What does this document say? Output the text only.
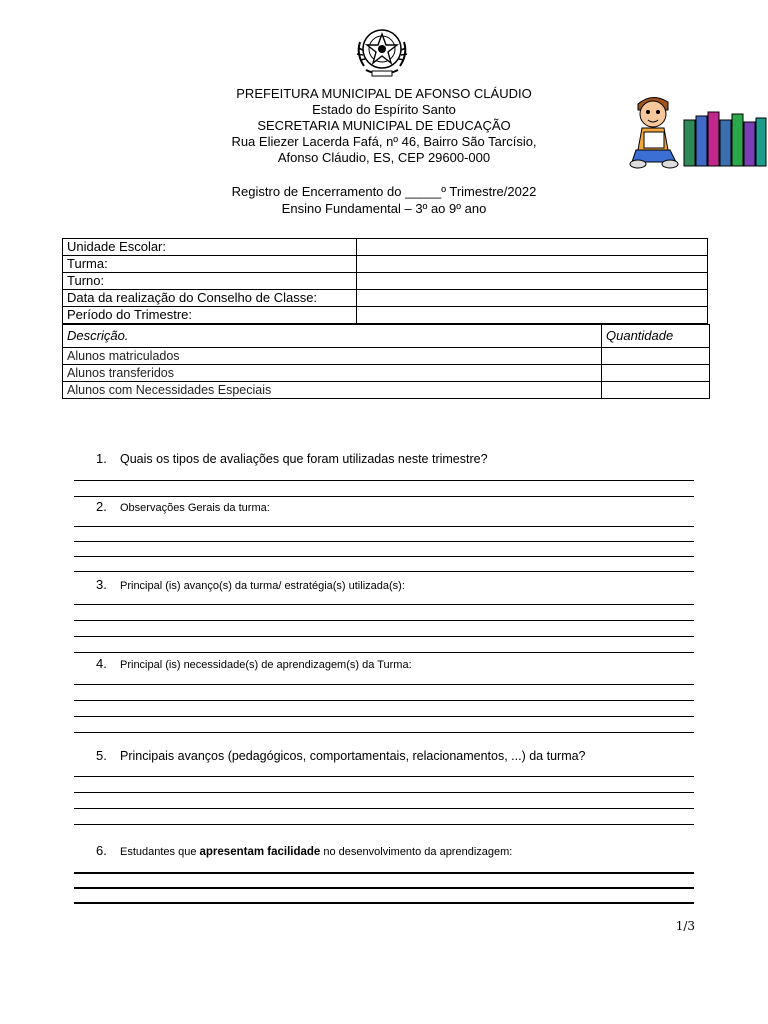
PREFEITURA MUNICIPAL DE AFONSO CLÁUDIO
Estado do Espírito Santo
SECRETARIA MUNICIPAL DE EDUCAÇÃO
Rua Eliezer Lacerda Fafá, nº 46, Bairro São Tarcísio,
Afonso Cláudio, ES, CEP 29600-000
Registro de Encerramento do _____º Trimestre/2022
Ensino Fundamental – 3º ao 9º ano
Unidade Escolar:	
Turma:	
Turno:	
Data da realização do Conselho de Classe:	
Período do Trimestre:	
Descrição.	Quantidade
Alunos matriculados	
Alunos transferidos	
Alunos com Necessidades Especiais	
1. Quais os tipos de avaliações que foram utilizadas neste trimestre?
2. Observações Gerais da turma:
3. Principal (is) avanço(s) da turma/ estratégia(s) utilizada(s):
4. Principal (is) necessidade(s) de aprendizagem(s) da Turma:
5. Principais avanços (pedagógicos, comportamentais, relacionamentos, ...) da turma?
6. Estudantes que apresentam facilidade no desenvolvimento da aprendizagem:
1/3
